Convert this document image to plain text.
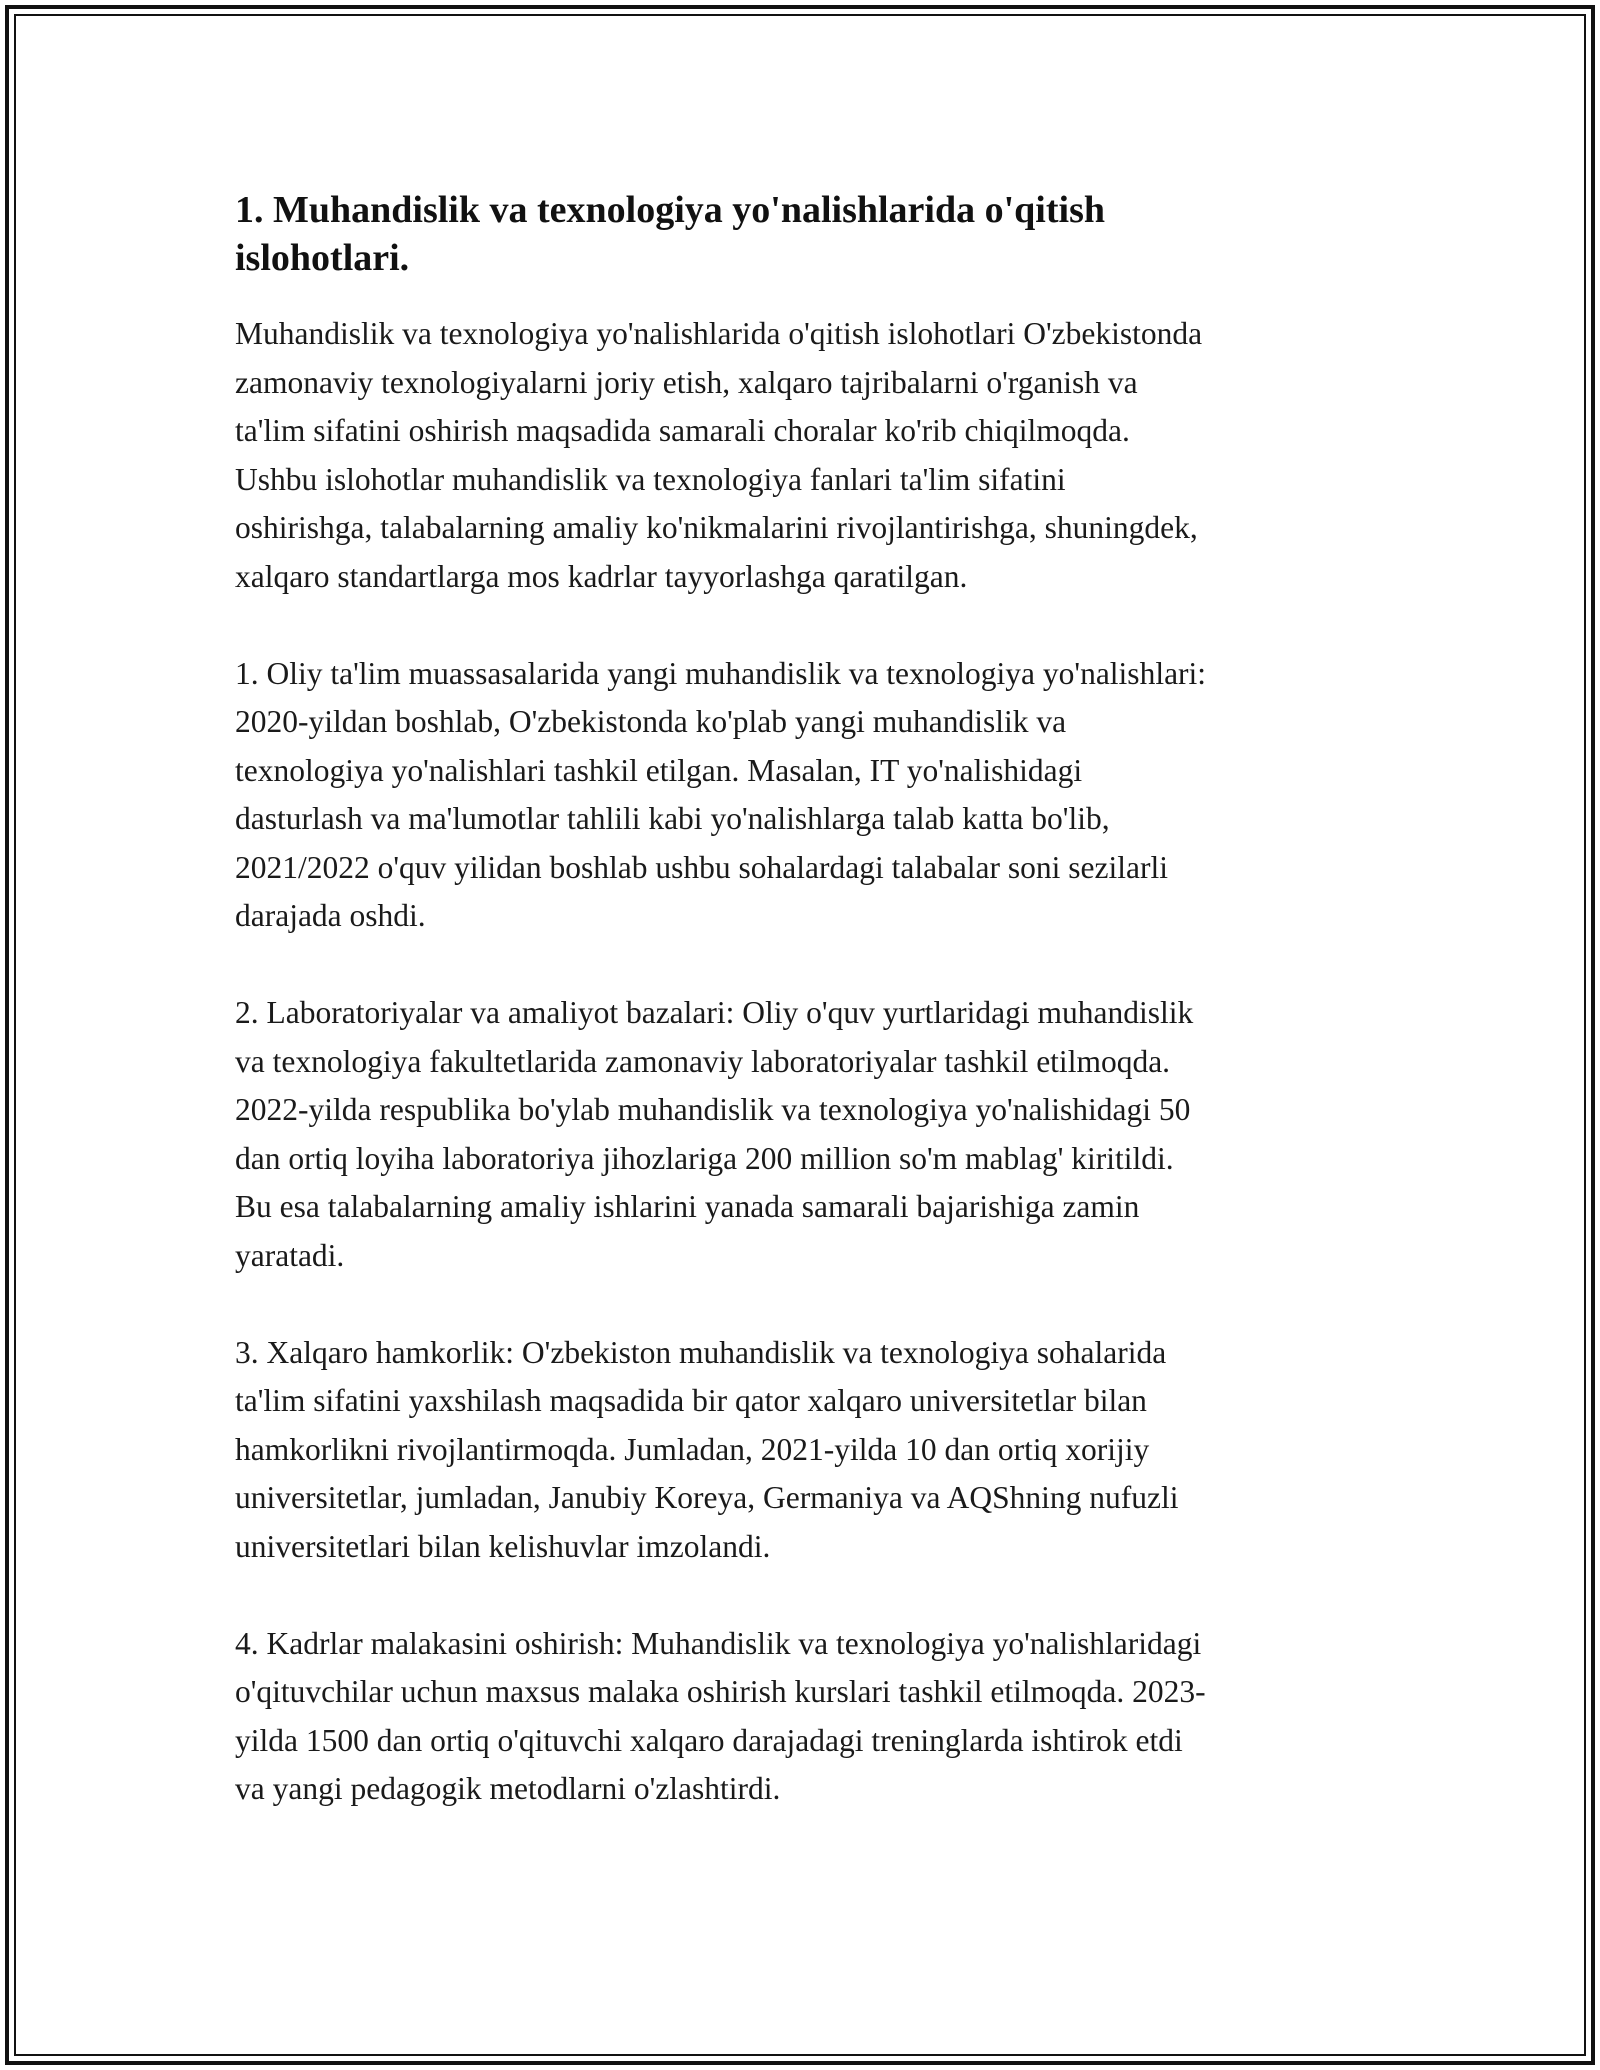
1. Muhandislik va texnologiya yo'nalishlarida o'qitish
islohotlari.

Muhandislik va texnologiya yo'nalishlarida o'qitish islohotlari O'zbekistonda
zamonaviy texnologiyalarni joriy etish, xalqaro tajribalarni o'rganish va
ta'lim sifatini oshirish maqsadida samarali choralar ko'rib chiqilmoqda.
Ushbu islohotlar muhandislik va texnologiya fanlari ta'lim sifatini
oshirishga, talabalarning amaliy ko'nikmalarini rivojlantirishga, shuningdek,
xalqaro standartlarga mos kadrlar tayyorlashga qaratilgan.

1. Oliy ta'lim muassasalarida yangi muhandislik va texnologiya yo'nalishlari:
2020-yildan boshlab, O'zbekistonda ko'plab yangi muhandislik va
texnologiya yo'nalishlari tashkil etilgan. Masalan, IT yo'nalishidagi
dasturlash va ma'lumotlar tahlili kabi yo'nalishlarga talab katta bo'lib,
2021/2022 o'quv yilidan boshlab ushbu sohalardagi talabalar soni sezilarli
darajada oshdi.

2. Laboratoriyalar va amaliyot bazalari: Oliy o'quv yurtlaridagi muhandislik
va texnologiya fakultetlarida zamonaviy laboratoriyalar tashkil etilmoqda.
2022-yilda respublika bo'ylab muhandislik va texnologiya yo'nalishidagi 50
dan ortiq loyiha laboratoriya jihozlariga 200 million so'm mablag' kiritildi.
Bu esa talabalarning amaliy ishlarini yanada samarali bajarishiga zamin
yaratadi.

3. Xalqaro hamkorlik: O'zbekiston muhandislik va texnologiya sohalarida
ta'lim sifatini yaxshilash maqsadida bir qator xalqaro universitetlar bilan
hamkorlikni rivojlantirmoqda. Jumladan, 2021-yilda 10 dan ortiq xorijiy
universitetlar, jumladan, Janubiy Koreya, Germaniya va AQShning nufuzli
universitetlari bilan kelishuvlar imzolandi.

4. Kadrlar malakasini oshirish: Muhandislik va texnologiya yo'nalishlaridagi
o'qituvchilar uchun maxsus malaka oshirish kurslari tashkil etilmoqda. 2023-
yilda 1500 dan ortiq o'qituvchi xalqaro darajadagi treninglarda ishtirok etdi
va yangi pedagogik metodlarni o'zlashtirdi.
